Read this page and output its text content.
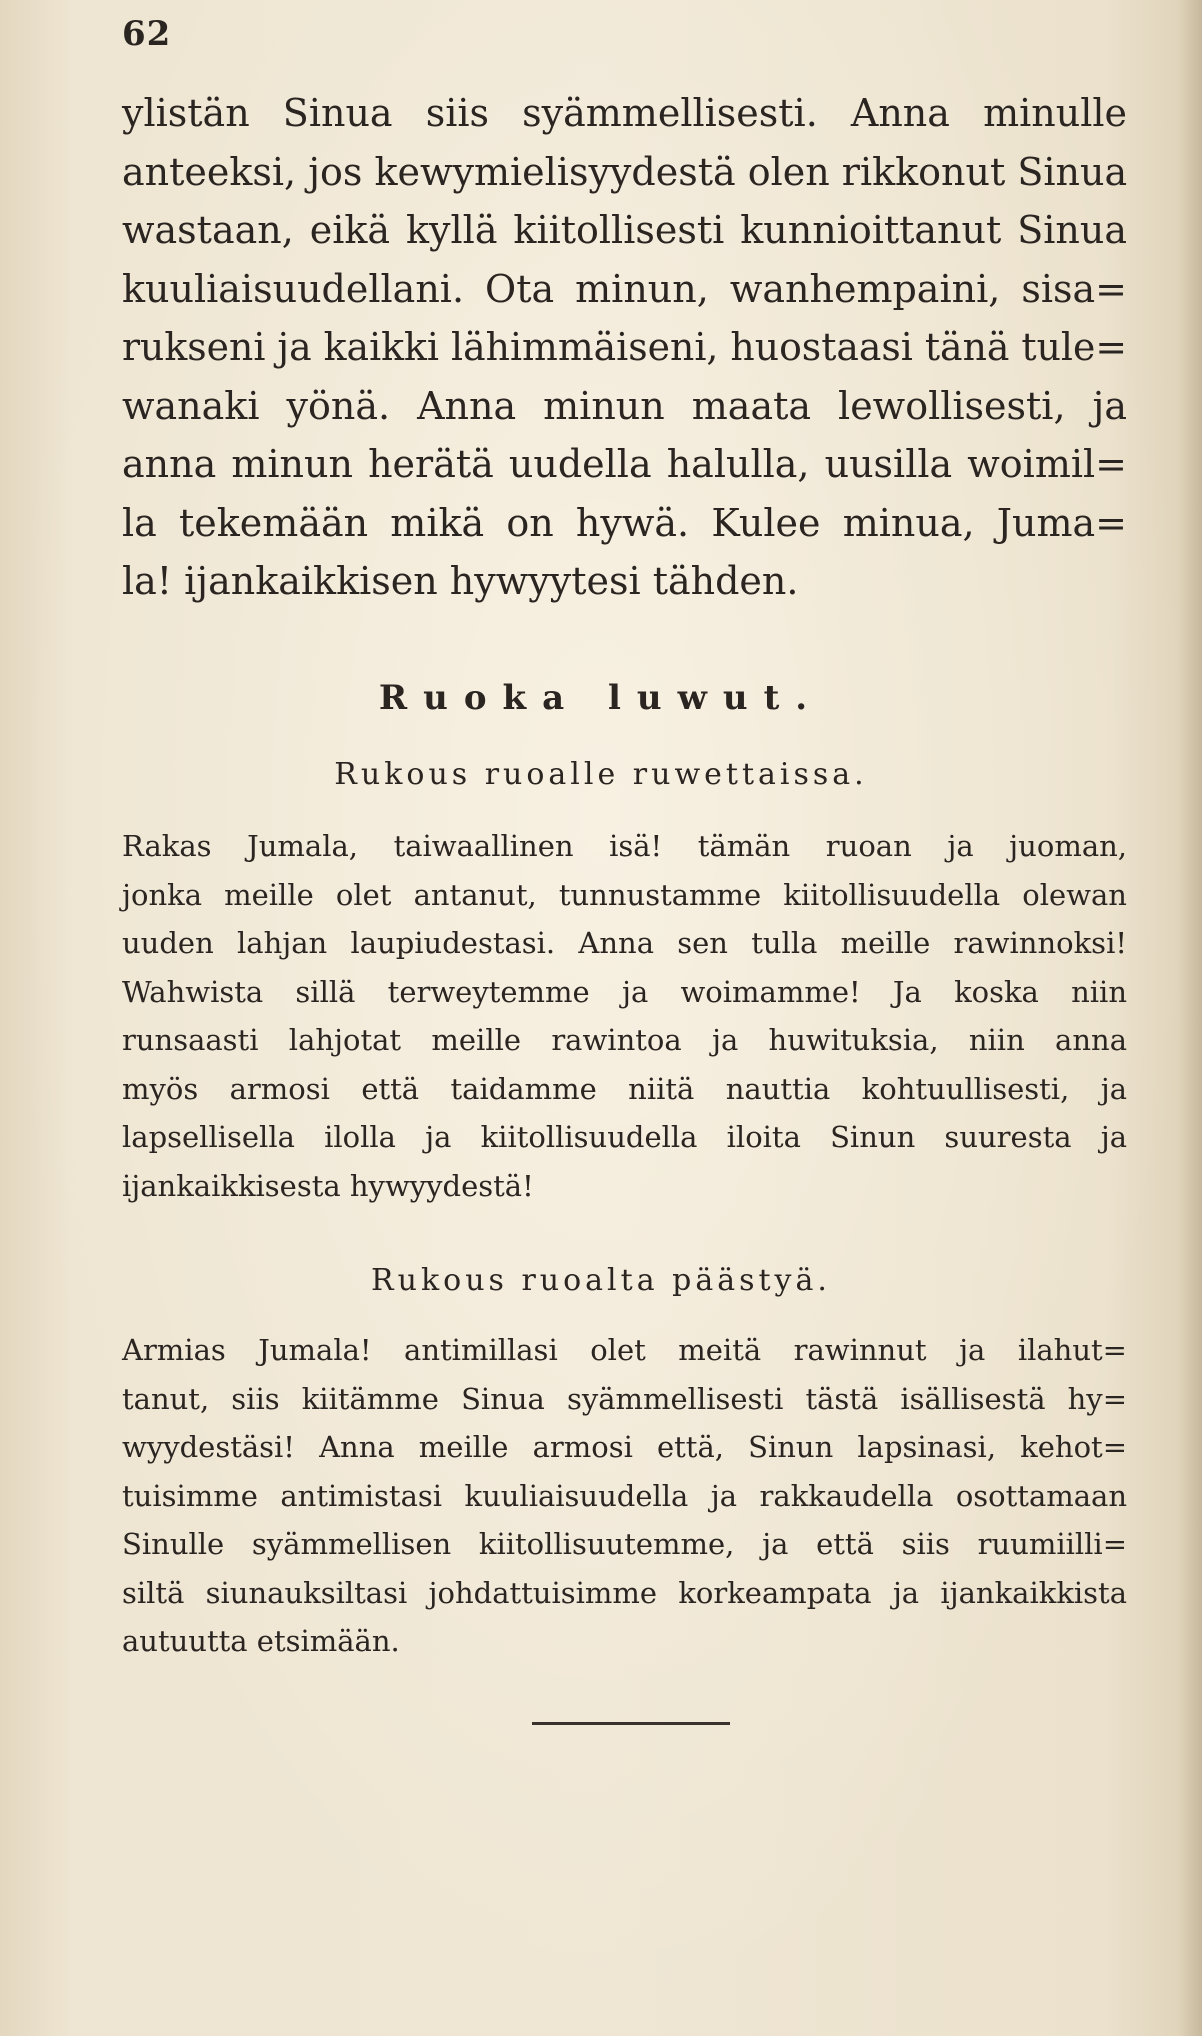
62
ylistän Sinua siis syämmellisesti. Anna minulle
anteeksi, jos kewymielisyydestä olen rikkonut Sinua
wastaan, eikä kyllä kiitollisesti kunnioittanut Sinua
kuuliaisuudellani. Ota minun, wanhempaini, sisa=
rukseni ja kaikki lähimmäiseni, huostaasi tänä tule=
wanaki yönä. Anna minun maata lewollisesti, ja
anna minun herätä uudella halulla, uusilla woimil=
la tekemään mikä on hywä. Kulee minua, Juma=
la! ijankaikkisen hywyytesi tähden.
Ruoka luwut.
Rukous ruoalle ruwettaissa.
Rakas Jumala, taiwaallinen isä! tämän ruoan ja juoman,
jonka meille olet antanut, tunnustamme kiitollisuudella olewan
uuden lahjan laupiudestasi. Anna sen tulla meille rawinnoksi!
Wahwista sillä terweytemme ja woimamme! Ja koska niin
runsaasti lahjotat meille rawintoa ja huwituksia, niin anna
myös armosi että taidamme niitä nauttia kohtuullisesti, ja
lapsellisella ilolla ja kiitollisuudella iloita Sinun suuresta ja
ijankaikkisesta hywyydestä!
Rukous ruoalta päästyä.
Armias Jumala! antimillasi olet meitä rawinnut ja ilahut=
tanut, siis kiitämme Sinua syämmellisesti tästä isällisestä hy=
wyydestäsi! Anna meille armosi että, Sinun lapsinasi, kehot=
tuisimme antimistasi kuuliaisuudella ja rakkaudella osottamaan
Sinulle syämmellisen kiitollisuutemme, ja että siis ruumiilli=
siltä siunauksiltasi johdattuisimme korkeampata ja ijankaikkista
autuutta etsimään.
